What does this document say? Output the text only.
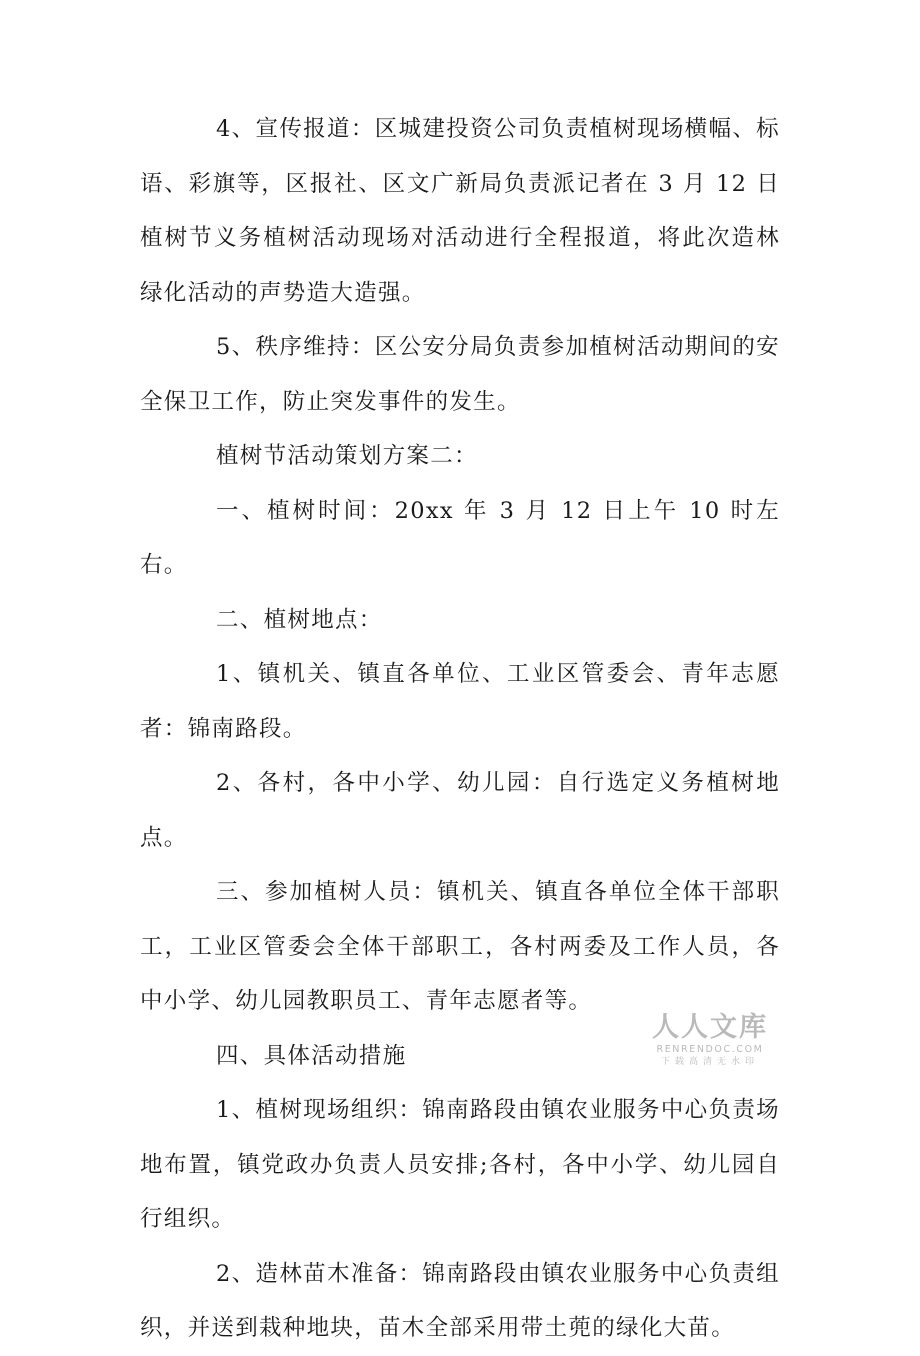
4、宣传报道：区城建投资公司负责植树现场横幅、标语、彩旗等，区报社、区文广新局负责派记者在 3 月 12 日植树节义务植树活动现场对活动进行全程报道，将此次造林绿化活动的声势造大造强。

5、秩序维持：区公安分局负责参加植树活动期间的安全保卫工作，防止突发事件的发生。

植树节活动策划方案二：

一、植树时间：20xx 年 3 月 12 日上午 10 时左右。

二、植树地点：

1、镇机关、镇直各单位、工业区管委会、青年志愿者：锦南路段。

2、各村，各中小学、幼儿园：自行选定义务植树地点。

三、参加植树人员：镇机关、镇直各单位全体干部职工，工业区管委会全体干部职工，各村两委及工作人员，各中小学、幼儿园教职员工、青年志愿者等。

四、具体活动措施

1、植树现场组织：锦南路段由镇农业服务中心负责场地布置，镇党政办负责人员安排;各村，各中小学、幼儿园自行组织。

2、造林苗木准备：锦南路段由镇农业服务中心负责组织，并送到栽种地块，苗木全部采用带土蔸的绿化大苗。

人人文库
RENRENDOC.COM
下载高清无水印
